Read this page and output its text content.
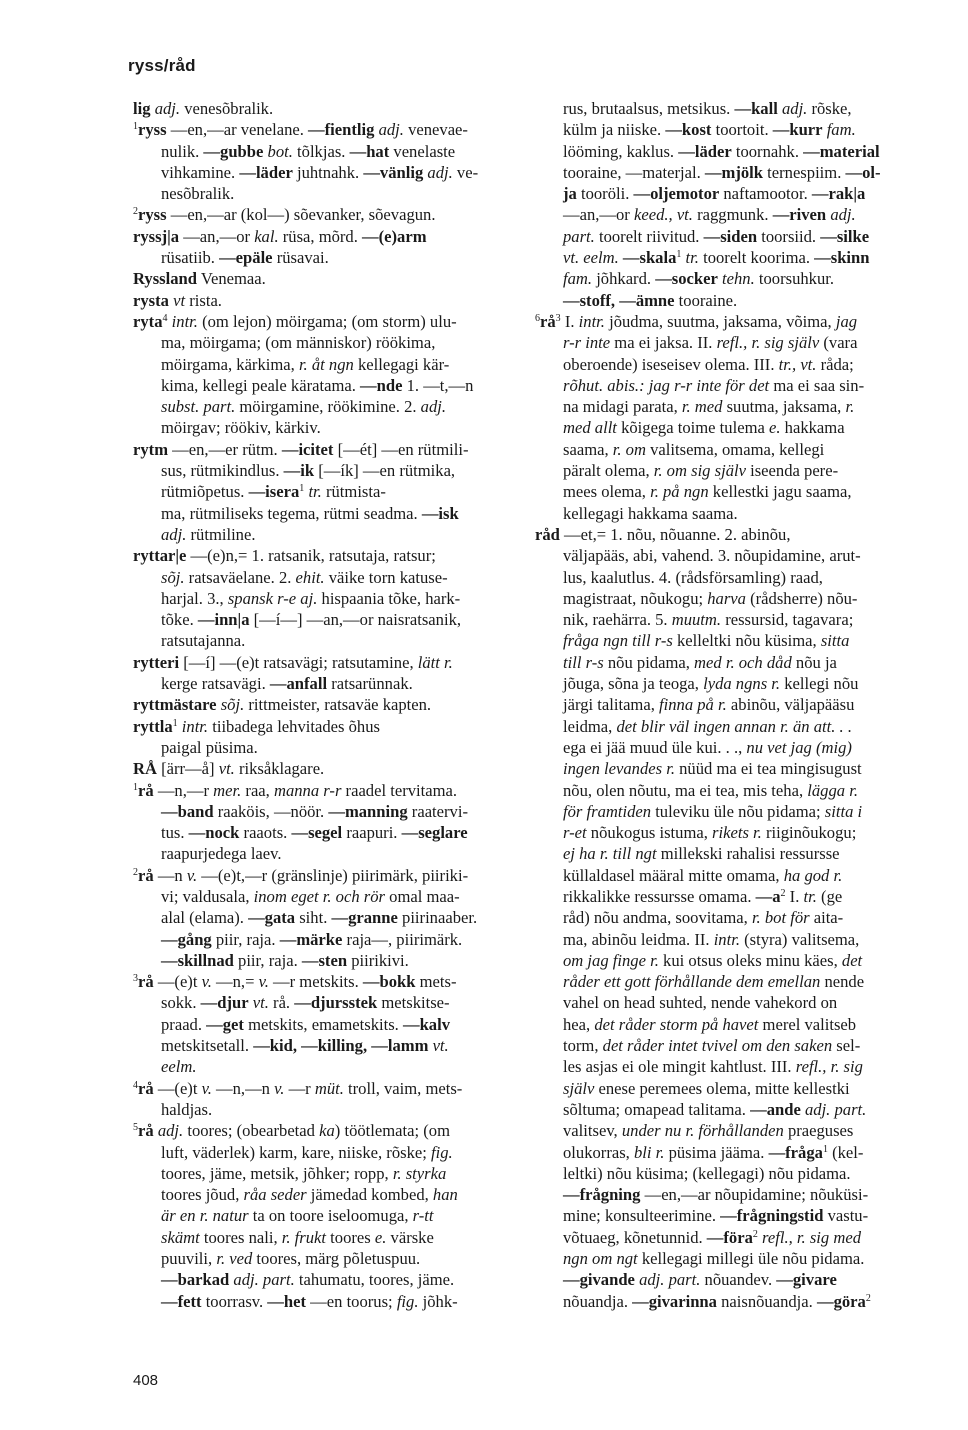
ryss/råd
lig adj. venesõbralik.
$^1$ryss —en,—ar venelane. —fientlig adj. venevae-
nulik. —gubbe bot. tõlkjas. —hat venelaste
vihkamine. —läder juhtnahk. —vänlig adj. ve-
nesõbralik.
$^2$ryss —en,—ar (kol—) sõevanker, sõevagun.
ryssj|a —an,—or kal. rüsa, mõrd. —(e)arm
rüsatiib. —epäle rüsavai.
Ryssland Venemaa.
rysta vt rista.
ryta$^4$ intr. (om lejon) möirgama; (om storm) ulu-
ma, möirgama; (om människor) röökima,
möirgama, kärkima, r. åt ngn kellegagi kär-
kima, kellegi peale käratama. —nde 1. —t,—n
subst. part. möirgamine, röökimine. 2. adj.
möirgav; röökiv, kärkiv.
rytm —en,—er rütm. —icitet [—ét] —en rütmili-
sus, rütmikindlus. —ik [—ík] —en rütmika,
rütmiõpetus. —isera$^1$ tr. rütmista-
ma, rütmiliseks tegema, rütmi seadma. —isk
adj. rütmiline.
ryttar|e —(e)n,= 1. ratsanik, ratsutaja, ratsur;
sõj. ratsaväelane. 2. ehit. väike torn katuse-
harjal. 3., spansk r-e aj. hispaania tõke, hark-
tõke. —inn|a [—í—] —an,—or naisratsanik,
ratsutajanna.
rytteri [—í] —(e)t ratsavägi; ratsutamine, lätt r.
kerge ratsavägi. —anfall ratsarünnak.
ryttmästare sõj. rittmeister, ratsaväe kapten.
ryttla$^1$ intr. tiibadega lehvitades õhus
paigal püsima.
RÅ [ärr—å] vt. riksåklagare.
$^1$rå —n,—r mer. raa, manna r-r raadel tervitama.
—band raaköis, —nöör. —manning raatervi-
tus. —nock raaots. —segel raapuri. —seglare
raapurjedega laev.
$^2$rå —n v. —(e)t,—r (gränslinje) piirimärk, piiriki-
vi; valdusala, inom eget r. och rör omal maa-
alal (elama). —gata siht. —granne piirinaaber.
—gång piir, raja. —märke raja—, piirimärk.
—skillnad piir, raja. —sten piirikivi.
$^3$rå —(e)t v. —n,= v. —r metskits. —bokk mets-
sokk. —djur vt. rå. —djursstek metskitse-
praad. —get metskits, emametskits. —kalv
metskitsetall. —kid, —killing, —lamm vt.
eelm.
$^4$rå —(e)t v. —n,—n v. —r müt. troll, vaim, mets-
haldjas.
$^5$rå adj. toores; (obearbetad ka) töötlemata; (om
luft, väderlek) karm, kare, niiske, rõske; fig.
toores, jäme, metsik, jõhker; ropp, r. styrka
toores jõud, råa seder jämedad kombed, han
är en r. natur ta on toore iseloomuga, r-tt
skämt toores nali, r. frukt toores e. värske
puuvili, r. ved toores, märg põletuspuu.
—barkad adj. part. tahumatu, toores, jäme.
—fett toorrasv. —het —en toorus; fig. jõhk-
rus, brutaalsus, metsikus. —kall adj. rõske,
külm ja niiske. —kost toortoit. —kurr fam.
lööming, kaklus. —läder toornahk. —material
tooraine, —materjal. —mjölk ternespiim. —ol-
ja tooröli. —oljemotor naftamootor. —rak|a
—an,—or keed., vt. raggmunk. —riven adj.
part. toorelt riivitud. —siden toorsiid. —silke
vt. eelm. —skala$^1$ tr. toorelt koorima. —skinn
fam. jõhkard. —socker tehn. toorsuhkur.
—stoff, —ämne tooraine.
$^6rå^3$ I. intr. jõudma, suutma, jaksama, võima, jag
r-r inte ma ei jaksa. II. refl., r. sig själv (vara
oberoende) iseseisev olema. III. tr., vt. råda;
rõhut. abis.: jag r-r inte för det ma ei saa sin-
na midagi parata, r. med suutma, jaksama, r.
med allt kõigega toime tulema e. hakkama
saama, r. om valitsema, omama, kellegi
päralt olema, r. om sig själv iseenda pere-
mees olema, r. på ngn kellestki jagu saama,
kellegagi hakkama saama.
råd —et,= 1. nõu, nõuanne. 2. abinõu,
väljapääs, abi, vahend. 3. nõupidamine, arut-
lus, kaalutlus. 4. (rådsförsamling) raad,
magistraat, nõukogu; harva (rådsherre) nõu-
nik, raehärra. 5. muutm. ressursid, tagavara;
fråga ngn till r-s kelleltki nõu küsima, sitta
till r-s nõu pidama, med r. och dåd nõu ja
jõuga, sõna ja teoga, lyda ngns r. kellegi nõu
järgi talitama, finna på r. abinõu, väljapääsu
leidma, det blir väl ingen annan r. än att. . .
ega ei jää muud üle kui. . ., nu vet jag (mig)
ingen levandes r. nüüd ma ei tea mingisugust
nõu, olen nõutu, ma ei tea, mis teha, lägga r.
för framtiden tuleviku üle nõu pidama; sitta i
r-et nõukogus istuma, rikets r. riiginõukogu;
ej ha r. till ngt millekski rahalisi ressursse
küllaldasel määral mitte omama, ha god r.
rikkalikke ressursse omama. $—a^2$ I. tr. (ge
råd) nõu andma, soovitama, r. bot för aita-
ma, abinõu leidma. II. intr. (styra) valitsema,
om jag finge r. kui otsus oleks minu käes, det
råder ett gott förhållande dem emellan nende
vahel on head suhted, nende vahekord on
hea, det råder storm på havet merel valitseb
torm, det råder intet tvivel om den saken sel-
les asjas ei ole mingit kahtlust. III. refl., r. sig
själv enese peremees olema, mitte kellestki
sõltuma; omapead talitama. —ande adj. part.
valitsev, under nu r. förhållanden praeguses
olukorras, bli r. püsima jääma. —fråga$^1$ (kel-
leltki) nõu küsima; (kellegagi) nõu pidama.
—frågning —en,—ar nõupidamine; nõuküsi-
mine; konsulteerimine. —frågningstid vastu-
võtuaeg, kõnetunnid. —föra$^2$ refl., r. sig med
ngn om ngt kellegagi millegi üle nõu pidama.
—givande adj. part. nõuandev. —givare
nõuandja. —givarinna naisnõuandja. —göra$^2$
408
